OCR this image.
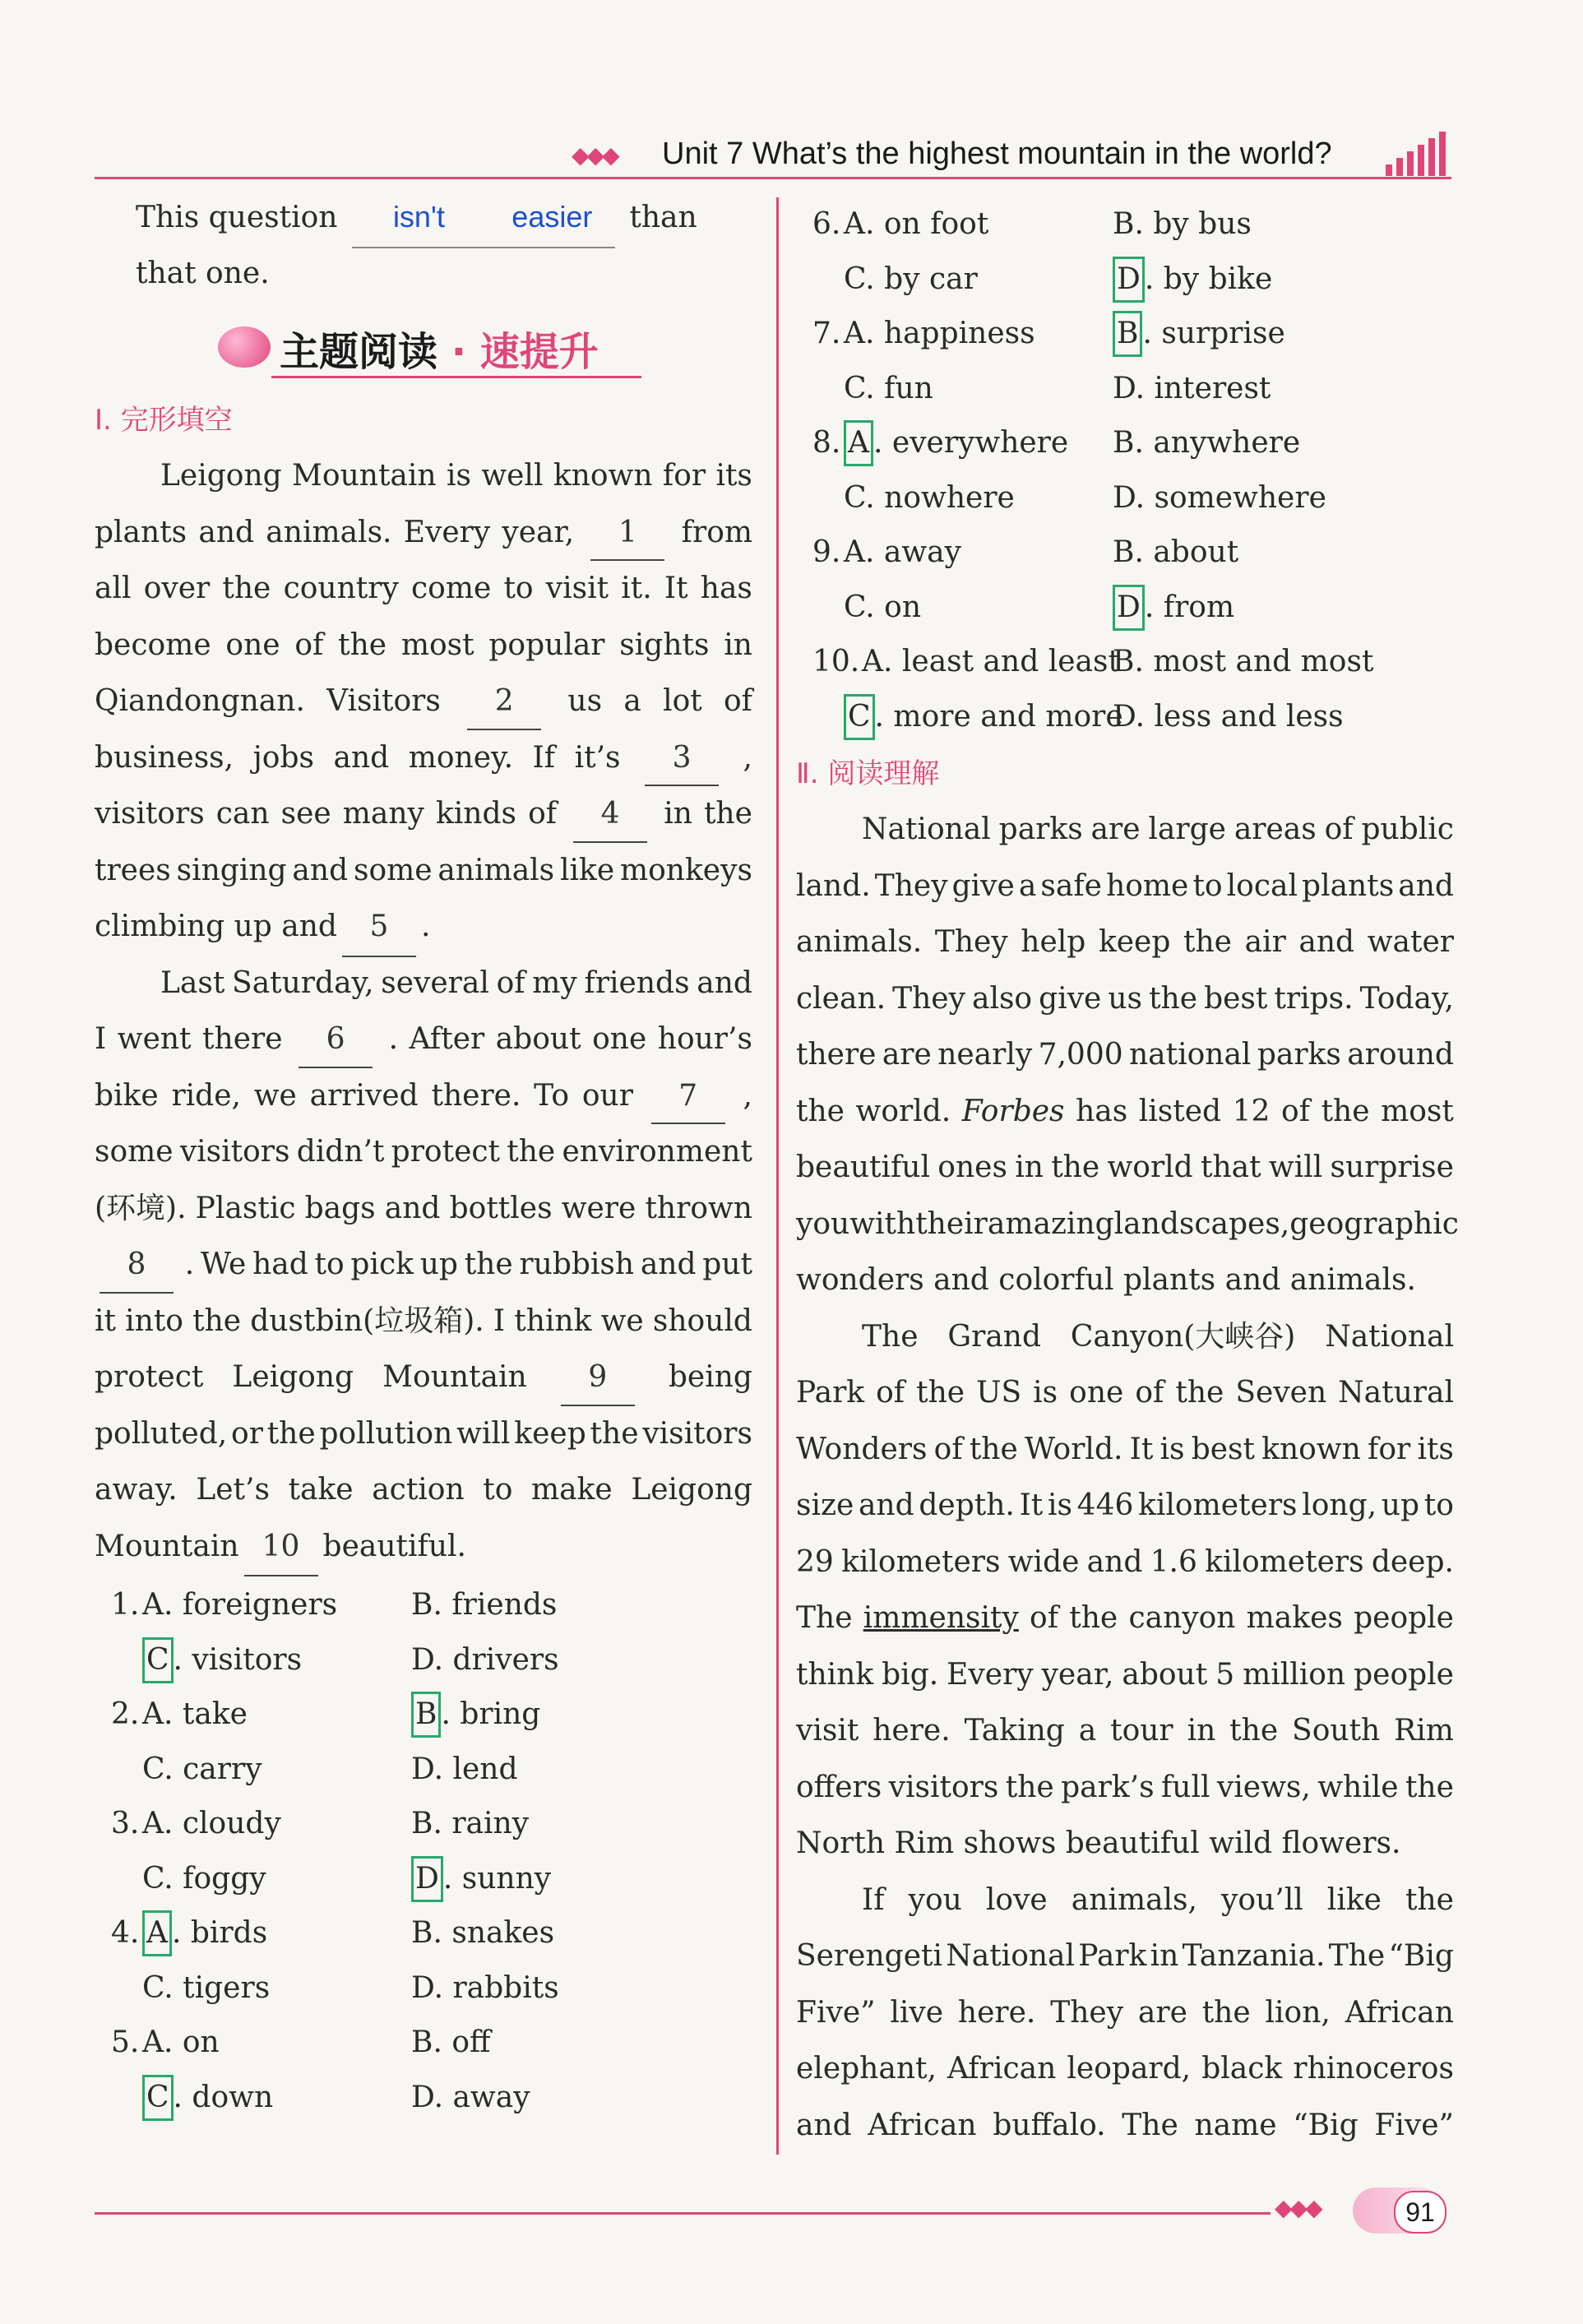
◆◆◆ Unit 7 What’s the highest mountain in the world?
This question isn't easier than
that one.
主题阅读 · 速提升
Ⅰ. 完形填空
Leigong Mountain is well known for its
plants and animals. Every year,	1	from
all over the country come to visit it. It has
become one of the most popular sights in
Qiandongnan. Visitors	2	us a lot of
business, jobs and money. If it’s	3	,
visitors can see many kinds of	4	in the
trees singing and some animals like monkeys
climbing up and 5 .
Last Saturday, several of my friends and
I went there	6	. After about one hour’s
bike ride, we arrived there. To our	7	,
some visitors didn’t protect the environment
(环境). Plastic bags and bottles were thrown
8	. We had to pick up the rubbish and put
it into the dustbin(垃圾箱). I think we should
protect Leigong Mountain	9	being
polluted, or the pollution will keep the visitors
away. Let’s take action to make Leigong
Mountain 10 beautiful.
1. A. foreigners B. friends
C . visitors	D. drivers
2. A. take	B . bring
C. carry	D. lend
3. A. cloudy	B. rainy
C. foggy	D . sunny
4. A . birds	B. snakes
C. tigers	D. rabbits
5. A. on	B. off
C . down	D. away
6. A. on foot	B. by bus
C. by car	D . by bike
7. A. happiness	B . surprise
C. fun	D. interest
8. A . everywhere B. anywhere
C. nowhere	D. somewhere
9. A. away	B. about
C. on	D . from
10. A. least and least
B. most and most
C . more and more
D. less and less
Ⅱ. 阅读理解
National parks are large areas of public
land. They give a safe home to local plants and
animals. They help keep the air and water
clean. They also give us the best trips. Today,
there are nearly 7,000 national parks around
the world. Forbes has listed 12 of the most
beautiful ones in the world that will surprise
you with their amazing landscapes, geographic
wonders and colorful plants and animals.
The Grand Canyon(大峡谷) National
Park of the US is one of the Seven Natural
Wonders of the World. It is best known for its
size and depth. It is 446 kilometers long, up to
29 kilometers wide and 1.6 kilometers deep.
The immensity of the canyon makes people
think big. Every year, about 5 million people
visit here. Taking a tour in the South Rim
offers visitors the park’s full views, while the
North Rim shows beautiful wild flowers.
If you love animals, you’ll like the
Serengeti National Park in Tanzania. The “Big
Five” live here. They are the lion, African
elephant, African leopard, black rhinoceros
and African buffalo. The name “Big Five”
◆◆◆	91
